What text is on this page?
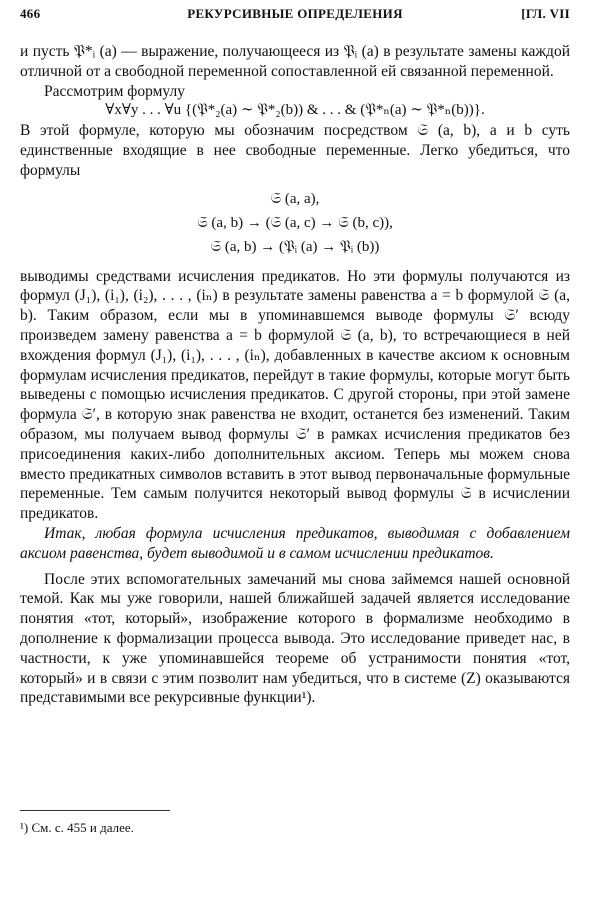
466	РЕКУРСИВНЫЕ ОПРЕДЕЛЕНИЯ	[ГЛ. VII

и пусть 𝔓*ᵢ (a) — выражение, получающееся из 𝔓ᵢ (a) в результате замены каждой отличной от a свободной переменной сопоставленной ей связанной переменной.

Рассмотрим формулу

∀x∀y . . . ∀u {(𝔓*₂(a) ∼ 𝔓*₂(b)) & . . . & (𝔓*ₙ(a) ∼ 𝔓*ₙ(b))}.

В этой формуле, которую мы обозначим посредством 𝔖 (a, b), a и b суть единственные входящие в нее свободные переменные. Легко убедиться, что формулы

𝔖 (a, a),

𝔖 (a, b) → (𝔖 (a, c) → 𝔖 (b, c)),

𝔖 (a, b) → (𝔓ᵢ (a) → 𝔓ᵢ (b))

выводимы средствами исчисления предикатов. Но эти формулы получаются из формул (J₁), (i₁), (i₂), . . . , (iₙ) в результате замены равенства a = b формулой 𝔖 (a, b). Таким образом, если мы в упоминавшемся выводе формулы 𝔖′ всюду произведем замену равенства a = b формулой 𝔖 (a, b), то встречающиеся в ней вхождения формул (J₁), (i₁), . . . , (iₙ), добавленных в качестве аксиом к основным формулам исчисления предикатов, перейдут в такие формулы, которые могут быть выведены с помощью исчисления предикатов. С другой стороны, при этой замене формула 𝔖′, в которую знак равенства не входит, останется без изменений. Таким образом, мы получаем вывод формулы 𝔖′ в рамках исчисления предикатов без присоединения каких-либо дополнительных аксиом. Теперь мы можем снова вместо предикатных символов вставить в этот вывод первоначальные формульные переменные. Тем самым получится некоторый вывод формулы 𝔖 в исчислении предикатов.

Итак, любая формула исчисления предикатов, выводимая с добавлением аксиом равенства, будет выводимой и в самом исчислении предикатов.

После этих вспомогательных замечаний мы снова займемся нашей основной темой. Как мы уже говорили, нашей ближайшей задачей является исследование понятия «тот, который», изображение которого в формализме необходимо в дополнение к формализации процесса вывода. Это исследование приведет нас, в частности, к уже упоминавшейся теореме об устранимости понятия «тот, который» и в связи с этим позволит нам убедиться, что в системе (Z) оказываются представимыми все рекурсивные функции¹).

¹) См. с. 455 и далее.
